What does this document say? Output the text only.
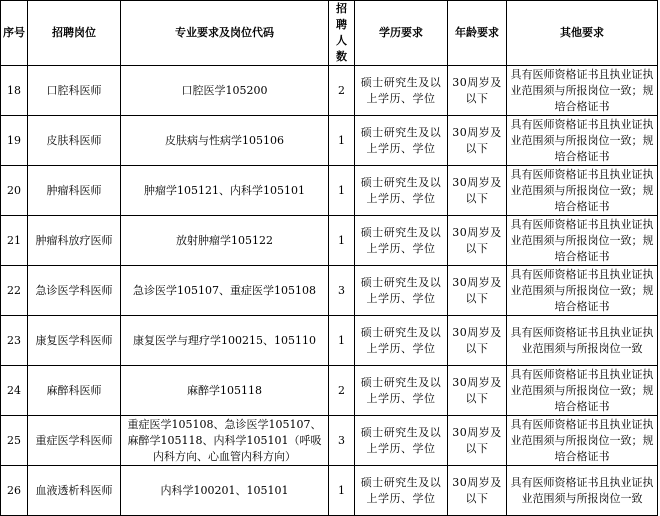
序号	招聘岗位	专业要求及岗位代码	招聘人数	学历要求	年龄要求	其他要求
18	口腔科医师	口腔医学105200	2	硕士研究生及以上学历、学位	30周岁及以下	具有医师资格证书且执业证执业范围须与所报岗位一致；规培合格证书
19	皮肤科医师	皮肤病与性病学105106	1	硕士研究生及以上学历、学位	30周岁及以下	具有医师资格证书且执业证执业范围须与所报岗位一致；规培合格证书
20	肿瘤科医师	肿瘤学105121、内科学105101	1	硕士研究生及以上学历、学位	30周岁及以下	具有医师资格证书且执业证执业范围须与所报岗位一致；规培合格证书
21	肿瘤科放疗医师	放射肿瘤学105122	1	硕士研究生及以上学历、学位	30周岁及以下	具有医师资格证书且执业证执业范围须与所报岗位一致；规培合格证书
22	急诊医学科医师	急诊医学105107、重症医学105108	3	硕士研究生及以上学历、学位	30周岁及以下	具有医师资格证书且执业证执业范围须与所报岗位一致；规培合格证书
23	康复医学科医师	康复医学与理疗学100215、105110	1	硕士研究生及以上学历、学位	30周岁及以下	具有医师资格证书且执业证执业范围须与所报岗位一致
24	麻醉科医师	麻醉学105118	2	硕士研究生及以上学历、学位	30周岁及以下	具有医师资格证书且执业证执业范围须与所报岗位一致；规培合格证书
25	重症医学科医师	重症医学105108、急诊医学105107、麻醉学105118、内科学105101（呼吸内科方向、心血管内科方向）	3	硕士研究生及以上学历、学位	30周岁及以下	具有医师资格证书且执业证执业范围须与所报岗位一致；规培合格证书
26	血液透析科医师	内科学100201、105101	1	硕士研究生及以上学历、学位	30周岁及以下	具有医师资格证书且执业证执业范围须与所报岗位一致
